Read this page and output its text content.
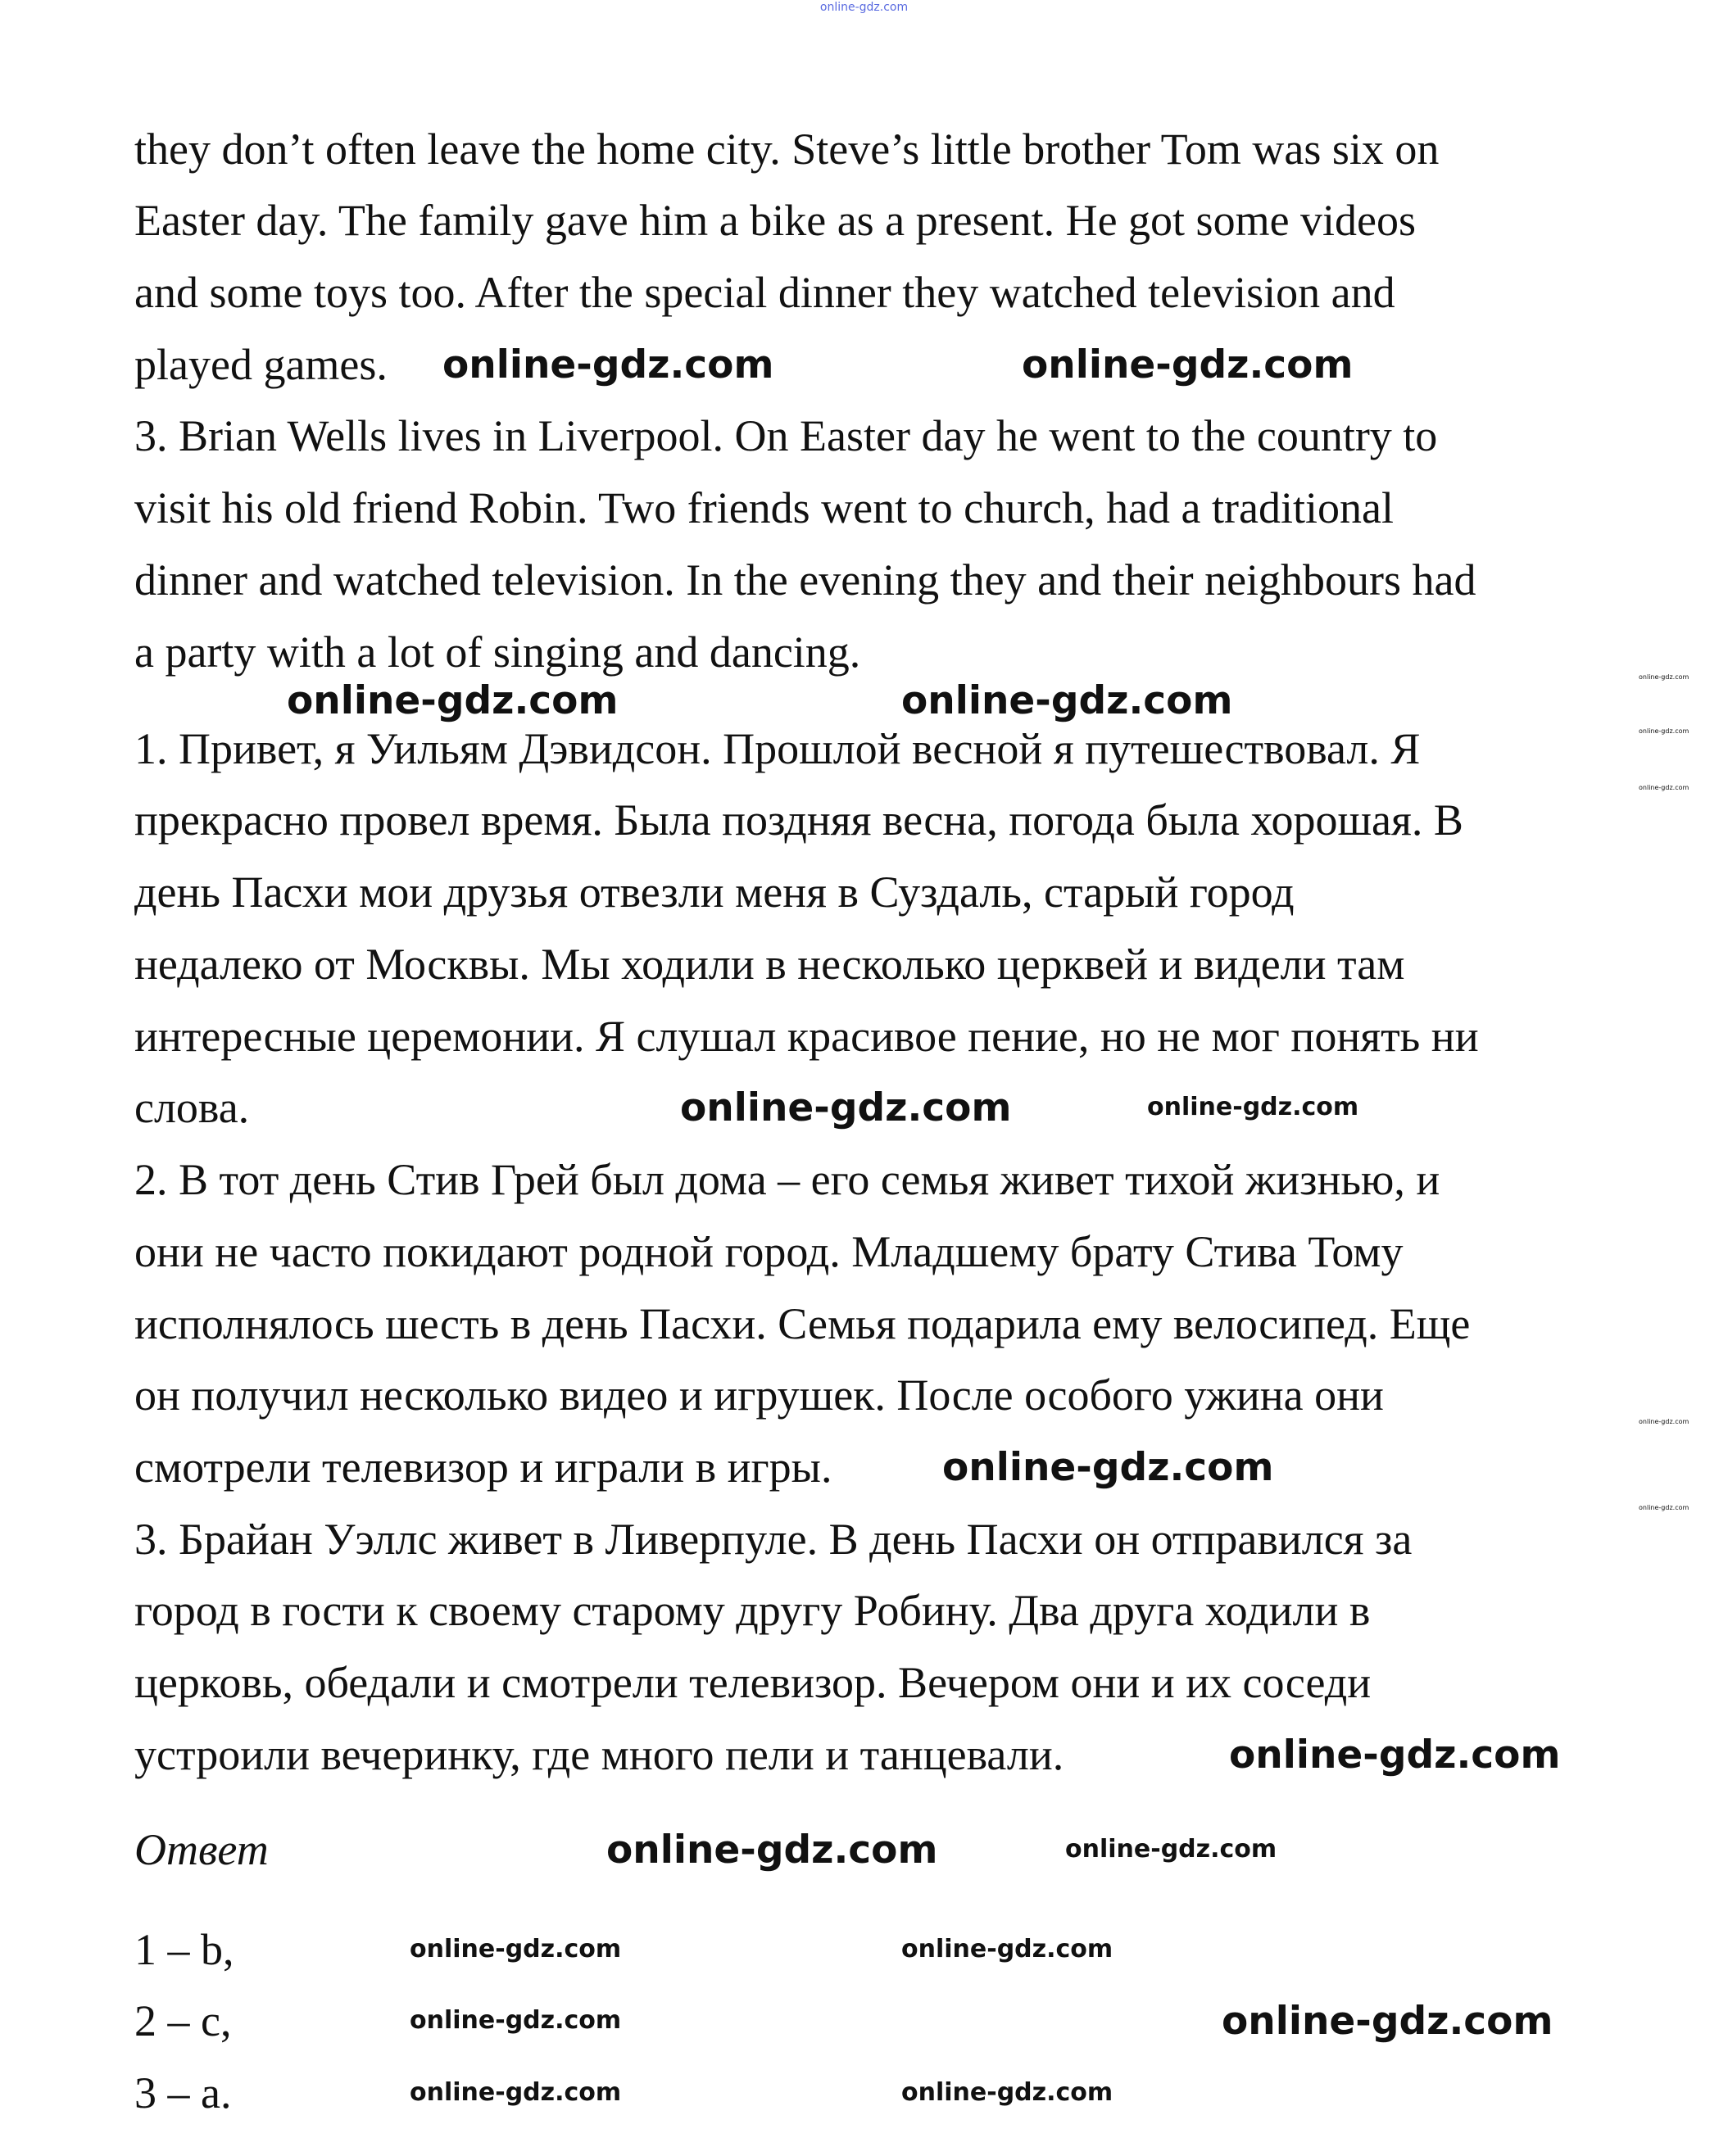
they don’t often leave the home city. Steve’s little brother Tom was six on
Easter day. The family gave him a bike as a present. He got some videos
and some toys too. After the special dinner they watched television and
played games.
3. Brian Wells lives in Liverpool. On Easter day he went to the country to
visit his old friend Robin. Two friends went to church, had a traditional
dinner and watched television. In the evening they and their neighbours had
a party with a lot of singing and dancing.
1. Привет, я Уильям Дэвидсон. Прошлой весной я путешествовал. Я
прекрасно провел время. Была поздняя весна, погода была хорошая. В
день Пасхи мои друзья отвезли меня в Суздаль, старый город
недалеко от Москвы. Мы ходили в несколько церквей и видели там
интересные церемонии. Я слушал красивое пение, но не мог понять ни
слова.
2. В тот день Стив Грей был дома – его семья живет тихой жизнью, и
они не часто покидают родной город. Младшему брату Стива Тому
исполнялось шесть в день Пасхи. Семья подарила ему велосипед. Еще
он получил несколько видео и игрушек. После особого ужина они
смотрели телевизор и играли в игры.
3. Брайан Уэллс живет в Ливерпуле. В день Пасхи он отправился за
город в гости к своему старому другу Робину. Два друга ходили в
церковь, обедали и смотрели телевизор. Вечером они и их соседи
устроили вечеринку, где много пели и танцевали.
Ответ
1 – b,
2 – c,
3 – a.
online-gdz.com	online-gdz.com
online-gdz.com	online-gdz.com
online-gdz.com
online-gdz.com
online-gdz.com
online-gdz.com
online-gdz.com
online-gdz.com
online-gdz.com
online-gdz.com	online-gdz.com
online-gdz.com	online-gdz.com
online-gdz.com
online-gdz.com
online-gdz.com
online-gdz.com
online-gdz.com
online-gdz.com
online-gdz.com
